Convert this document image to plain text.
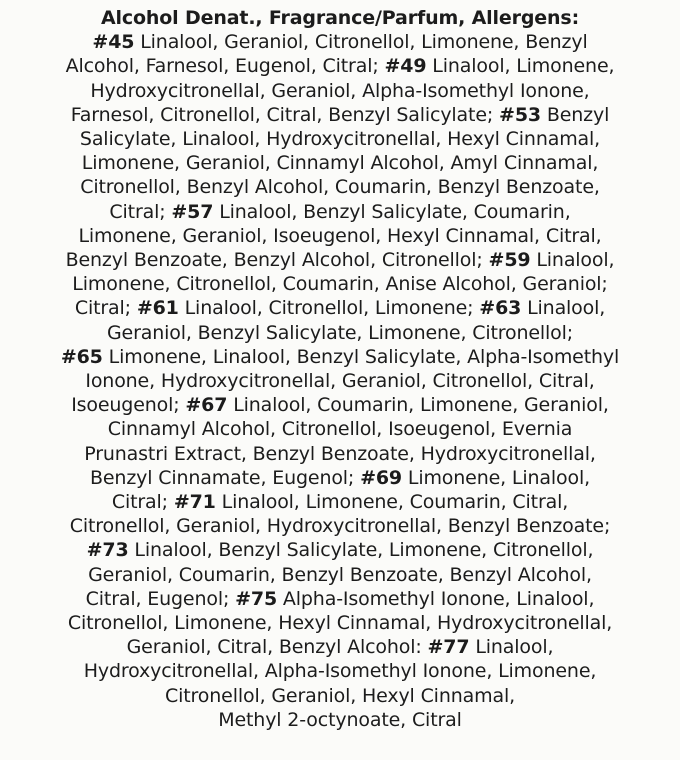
Alcohol Denat., Fragrance/Parfum, Allergens:
#45 Linalool, Geraniol, Citronellol, Limonene, Benzyl
Alcohol, Farnesol, Eugenol, Citral; #49 Linalool, Limonene,
Hydroxycitronellal, Geraniol, Alpha-Isomethyl Ionone,
Farnesol, Citronellol, Citral, Benzyl Salicylate; #53 Benzyl
Salicylate, Linalool, Hydroxycitronellal, Hexyl Cinnamal,
Limonene, Geraniol, Cinnamyl Alcohol, Amyl Cinnamal,
Citronellol, Benzyl Alcohol, Coumarin, Benzyl Benzoate,
Citral; #57 Linalool, Benzyl Salicylate, Coumarin,
Limonene, Geraniol, Isoeugenol, Hexyl Cinnamal, Citral,
Benzyl Benzoate, Benzyl Alcohol, Citronellol; #59 Linalool,
Limonene, Citronellol, Coumarin, Anise Alcohol, Geraniol;
Citral; #61 Linalool, Citronellol, Limonene; #63 Linalool,
Geraniol, Benzyl Salicylate, Limonene, Citronellol;
#65 Limonene, Linalool, Benzyl Salicylate, Alpha-Isomethyl
Ionone, Hydroxycitronellal, Geraniol, Citronellol, Citral,
Isoeugenol; #67 Linalool, Coumarin, Limonene, Geraniol,
Cinnamyl Alcohol, Citronellol, Isoeugenol, Evernia
Prunastri Extract, Benzyl Benzoate, Hydroxycitronellal,
Benzyl Cinnamate, Eugenol; #69 Limonene, Linalool,
Citral; #71 Linalool, Limonene, Coumarin, Citral,
Citronellol, Geraniol, Hydroxycitronellal, Benzyl Benzoate;
#73 Linalool, Benzyl Salicylate, Limonene, Citronellol,
Geraniol, Coumarin, Benzyl Benzoate, Benzyl Alcohol,
Citral, Eugenol; #75 Alpha-Isomethyl Ionone, Linalool,
Citronellol, Limonene, Hexyl Cinnamal, Hydroxycitronellal,
Geraniol, Citral, Benzyl Alcohol: #77 Linalool,
Hydroxycitronellal, Alpha-Isomethyl Ionone, Limonene,
Citronellol, Geraniol, Hexyl Cinnamal,
Methyl 2-octynoate, Citral
